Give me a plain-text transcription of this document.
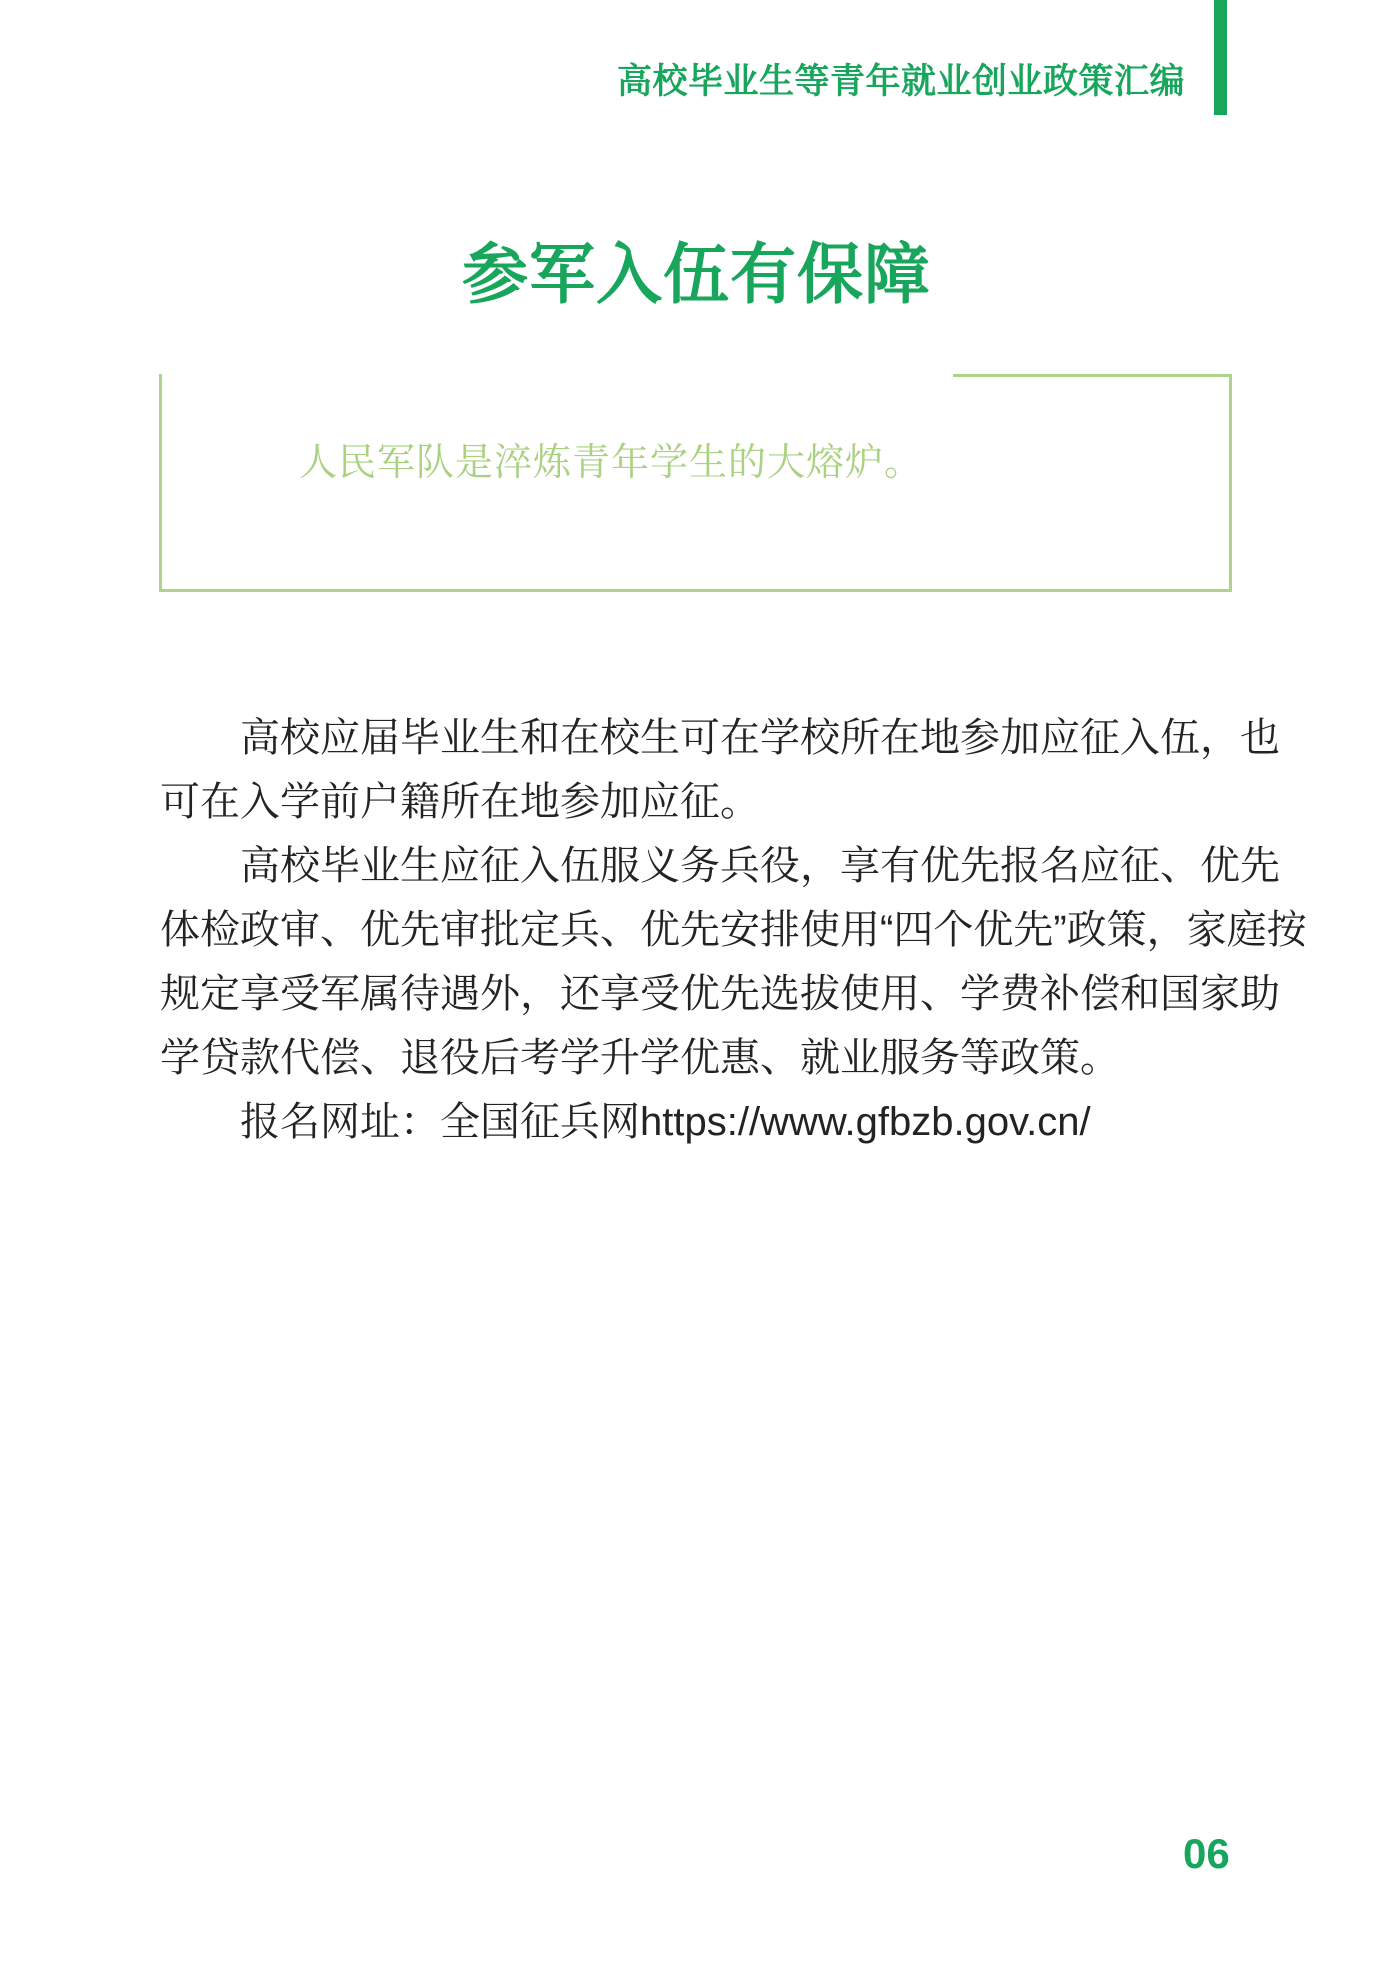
高校毕业生等青年就业创业政策汇编
参军入伍有保障
人民军队是淬炼青年学生的大熔炉。
高校应届毕业生和在校生可在学校所在地参加应征入伍，也
可在入学前户籍所在地参加应征。
高校毕业生应征入伍服义务兵役，享有优先报名应征、优先
体检政审、优先审批定兵、优先安排使用“四个优先”政策，家庭按
规定享受军属待遇外，还享受优先选拔使用、学费补偿和国家助
学贷款代偿、退役后考学升学优惠、就业服务等政策。
报名网址：全国征兵网https://www.gfbzb.gov.cn/
06
